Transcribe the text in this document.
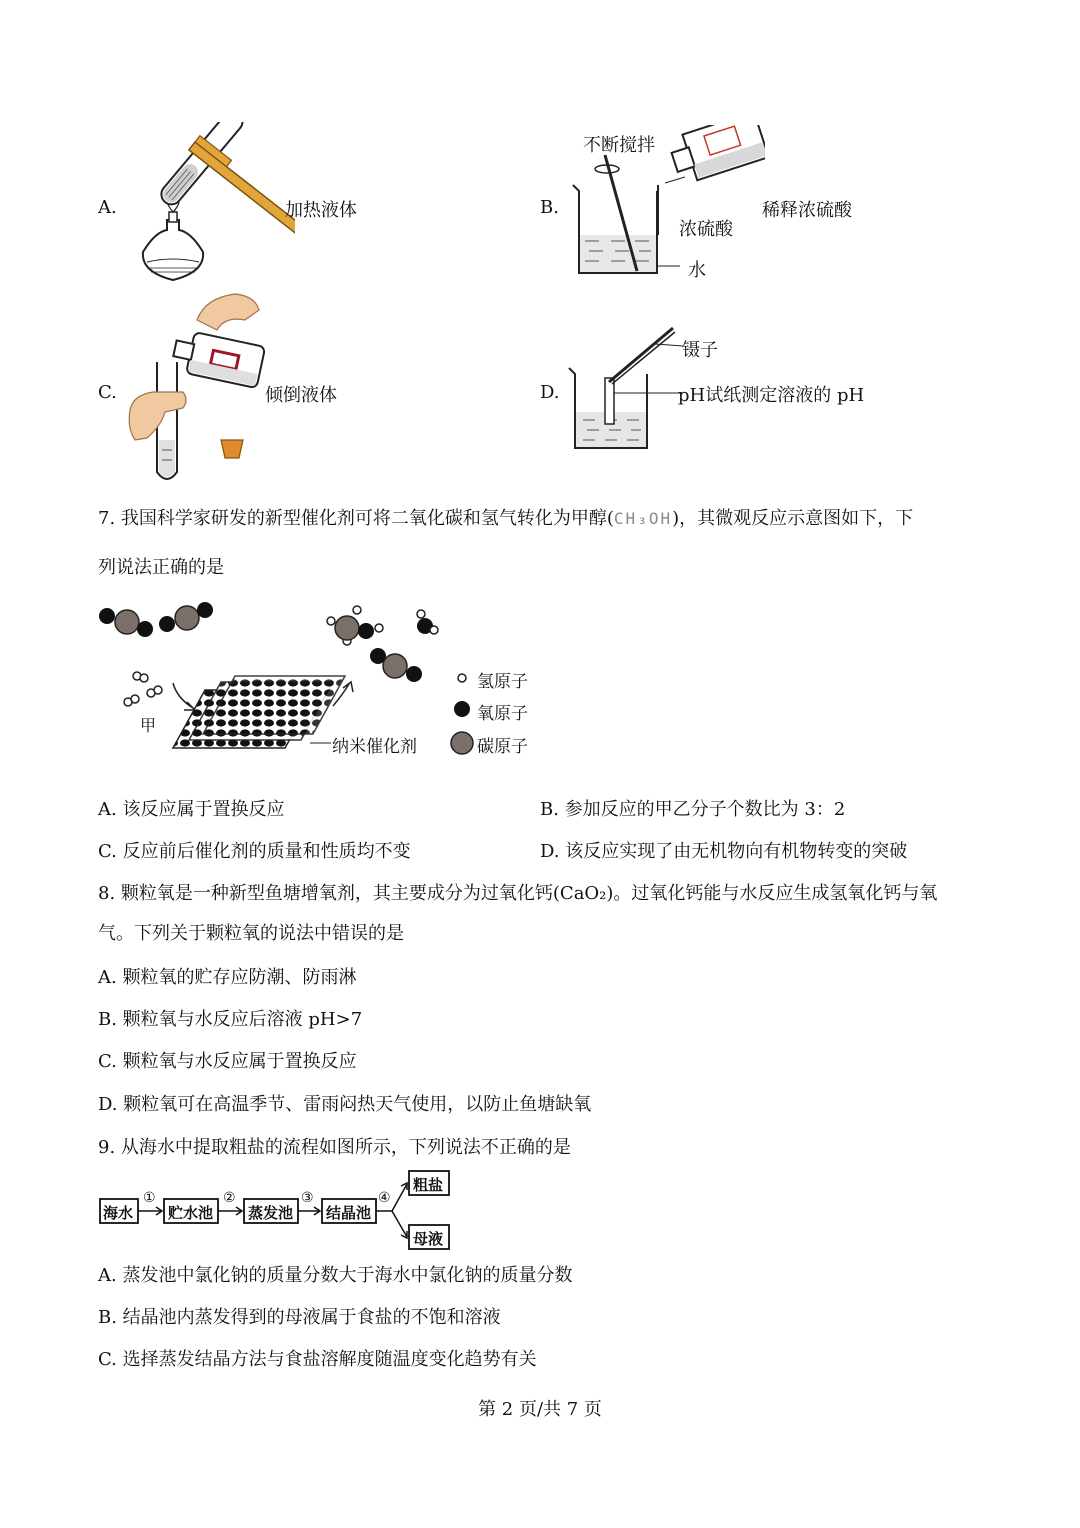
A.	加热液体	B.
不断搅拌
浓硫酸
水
稀释浓硫酸
C.	倾倒液体	D.
镊子
pH试纸测定溶液的 pH
7. 我国科学家研发的新型催化剂可将二氧化碳和氢气转化为甲醇(CH₃OH)，其微观反应示意图如下，下
列说法正确的是
甲
纳米催化剂
氢原子
氧原子
碳原子
A. 该反应属于置换反应	B. 参加反应的甲乙分子个数比为 3：2
C. 反应前后催化剂的质量和性质均不变	D. 该反应实现了由无机物向有机物转变的突破
8. 颗粒氧是一种新型鱼塘增氧剂，其主要成分为过氧化钙(CaO₂)。过氧化钙能与水反应生成氢氧化钙与氧
气。下列关于颗粒氧的说法中错误的是
A. 颗粒氧的贮存应防潮、防雨淋
B. 颗粒氧与水反应后溶液 pH>7
C. 颗粒氧与水反应属于置换反应
D. 颗粒氧可在高温季节、雷雨闷热天气使用，以防止鱼塘缺氧
9. 从海水中提取粗盐的流程如图所示，下列说法不正确的是
海水 贮水池 蒸发池 结晶池
粗盐
母液
①	②	③	④
A. 蒸发池中氯化钠的质量分数大于海水中氯化钠的质量分数
B. 结晶池内蒸发得到的母液属于食盐的不饱和溶液
C. 选择蒸发结晶方法与食盐溶解度随温度变化趋势有关
第 2 页/共 7 页
